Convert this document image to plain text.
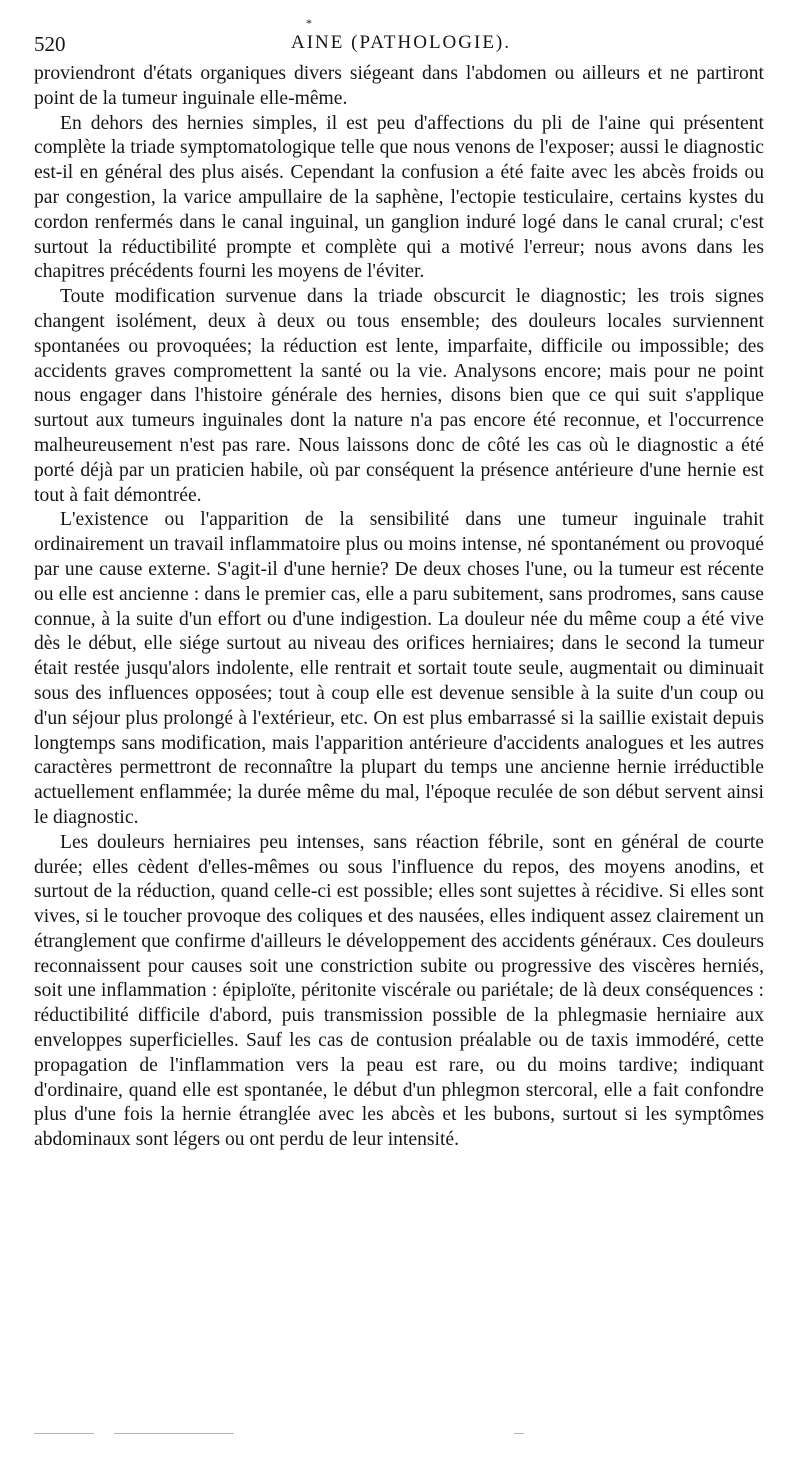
*
520	AINE (PATHOLOGIE).

proviendront d'états organiques divers siégeant dans l'abdomen ou ailleurs et ne partiront point de la tumeur inguinale elle-même.

En dehors des hernies simples, il est peu d'affections du pli de l'aine qui présentent complète la triade symptomatologique telle que nous venons de l'exposer; aussi le diagnostic est-il en général des plus aisés. Cependant la confusion a été faite avec les abcès froids ou par congestion, la varice ampullaire de la saphène, l'ectopie testiculaire, certains kystes du cordon renfermés dans le canal inguinal, un ganglion induré logé dans le canal crural; c'est surtout la réductibilité prompte et complète qui a motivé l'erreur; nous avons dans les chapitres précédents fourni les moyens de l'éviter.

Toute modification survenue dans la triade obscurcit le diagnostic; les trois signes changent isolément, deux à deux ou tous ensemble; des douleurs locales surviennent spontanées ou provoquées; la réduction est lente, imparfaite, difficile ou impossible; des accidents graves compromettent la santé ou la vie. Analysons encore; mais pour ne point nous engager dans l'histoire générale des hernies, disons bien que ce qui suit s'applique surtout aux tumeurs inguinales dont la nature n'a pas encore été reconnue, et l'occurrence malheureusement n'est pas rare. Nous laissons donc de côté les cas où le diagnostic a été porté déjà par un praticien habile, où par conséquent la présence antérieure d'une hernie est tout à fait démontrée.

L'existence ou l'apparition de la sensibilité dans une tumeur inguinale trahit ordinairement un travail inflammatoire plus ou moins intense, né spontanément ou provoqué par une cause externe. S'agit-il d'une hernie? De deux choses l'une, ou la tumeur est récente ou elle est ancienne : dans le premier cas, elle a paru subitement, sans prodromes, sans cause connue, à la suite d'un effort ou d'une indigestion. La douleur née du même coup a été vive dès le début, elle siége surtout au niveau des orifices herniaires; dans le second la tumeur était restée jusqu'alors indolente, elle rentrait et sortait toute seule, augmentait ou diminuait sous des influences opposées; tout à coup elle est devenue sensible à la suite d'un coup ou d'un séjour plus prolongé à l'extérieur, etc. On est plus embarrassé si la saillie existait depuis longtemps sans modification, mais l'apparition antérieure d'accidents analogues et les autres caractères permettront de reconnaître la plupart du temps une ancienne hernie irréductible actuellement enflammée; la durée même du mal, l'époque reculée de son début servent ainsi le diagnostic.

Les douleurs herniaires peu intenses, sans réaction fébrile, sont en général de courte durée; elles cèdent d'elles-mêmes ou sous l'influence du repos, des moyens anodins, et surtout de la réduction, quand celle-ci est possible; elles sont sujettes à récidive. Si elles sont vives, si le toucher provoque des coliques et des nausées, elles indiquent assez clairement un étranglement que confirme d'ailleurs le développement des accidents généraux. Ces douleurs reconnaissent pour causes soit une constriction subite ou progressive des viscères herniés, soit une inflammation : épiploïte, péritonite viscérale ou pariétale; de là deux conséquences : réductibilité difficile d'abord, puis transmission possible de la phlegmasie herniaire aux enveloppes superficielles. Sauf les cas de contusion préalable ou de taxis immodéré, cette propagation de l'inflammation vers la peau est rare, ou du moins tardive; indiquant d'ordinaire, quand elle est spontanée, le début d'un phlegmon stercoral, elle a fait confondre plus d'une fois la hernie étranglée avec les abcès et les bubons, surtout si les symptômes abdominaux sont légers ou ont perdu de leur intensité.
